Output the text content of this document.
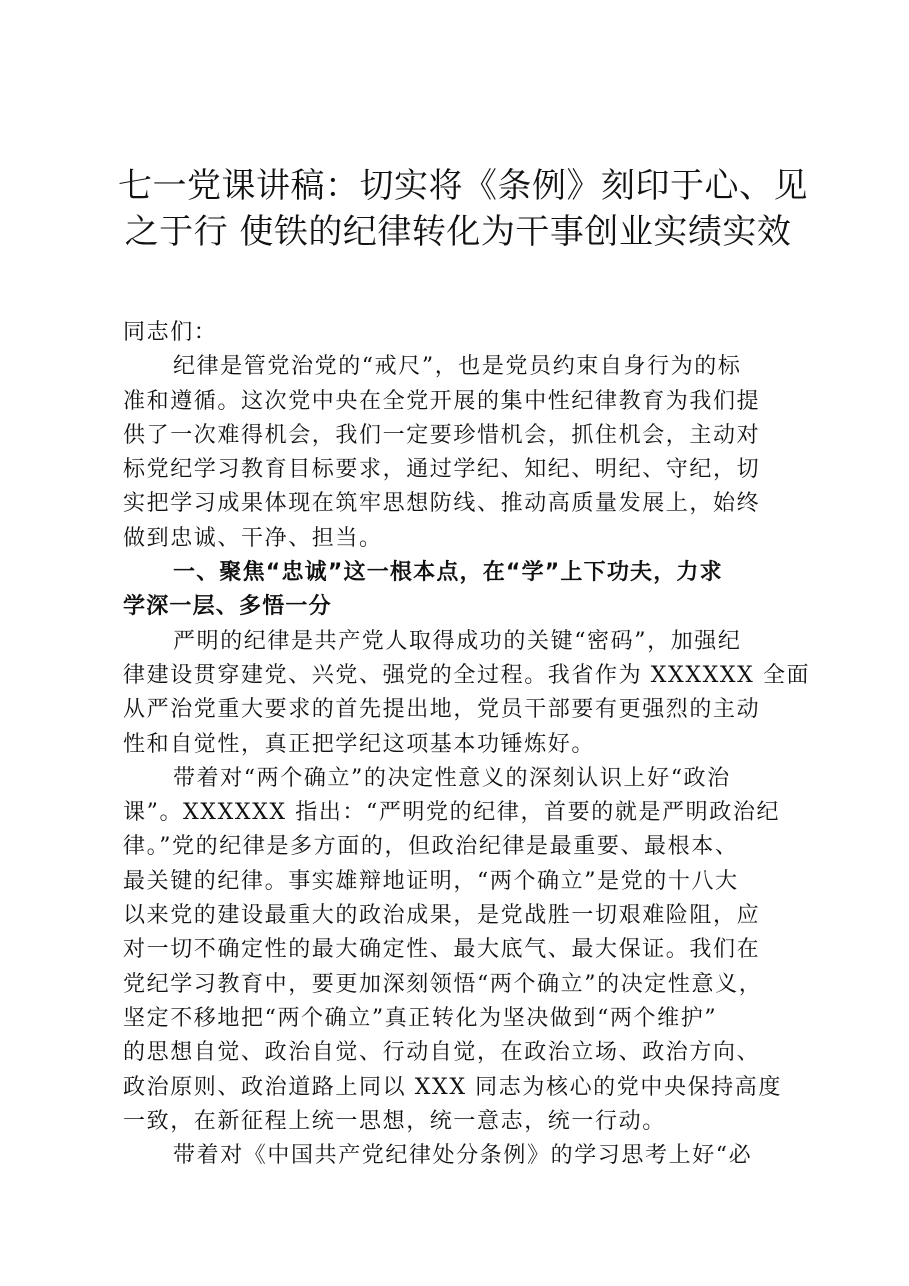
七一党课讲稿：切实将《条例》刻印于心、见
之于行 使铁的纪律转化为干事创业实绩实效
同志们：
纪律是管党治党的“戒尺”，也是党员约束自身行为的标
准和遵循。这次党中央在全党开展的集中性纪律教育为我们提
供了一次难得机会，我们一定要珍惜机会，抓住机会，主动对
标党纪学习教育目标要求，通过学纪、知纪、明纪、守纪，切
实把学习成果体现在筑牢思想防线、推动高质量发展上，始终
做到忠诚、干净、担当。
一、聚焦“忠诚”这一根本点，在“学”上下功夫，力求
学深一层、多悟一分
严明的纪律是共产党人取得成功的关键“密码”，加强纪
律建设贯穿建党、兴党、强党的全过程。我省作为 XXXXXX 全面
从严治党重大要求的首先提出地，党员干部要有更强烈的主动
性和自觉性，真正把学纪这项基本功锤炼好。
带着对“两个确立”的决定性意义的深刻认识上好“政治
课”。XXXXXX 指出：“严明党的纪律，首要的就是严明政治纪
律。”党的纪律是多方面的，但政治纪律是最重要、最根本、
最关键的纪律。事实雄辩地证明，“两个确立”是党的十八大
以来党的建设最重大的政治成果，是党战胜一切艰难险阻，应
对一切不确定性的最大确定性、最大底气、最大保证。我们在
党纪学习教育中，要更加深刻领悟“两个确立”的决定性意义，
坚定不移地把“两个确立”真正转化为坚决做到“两个维护”
的思想自觉、政治自觉、行动自觉，在政治立场、政治方向、
政治原则、政治道路上同以 XXX 同志为核心的党中央保持高度
一致，在新征程上统一思想，统一意志，统一行动。
带着对《中国共产党纪律处分条例》的学习思考上好“必
